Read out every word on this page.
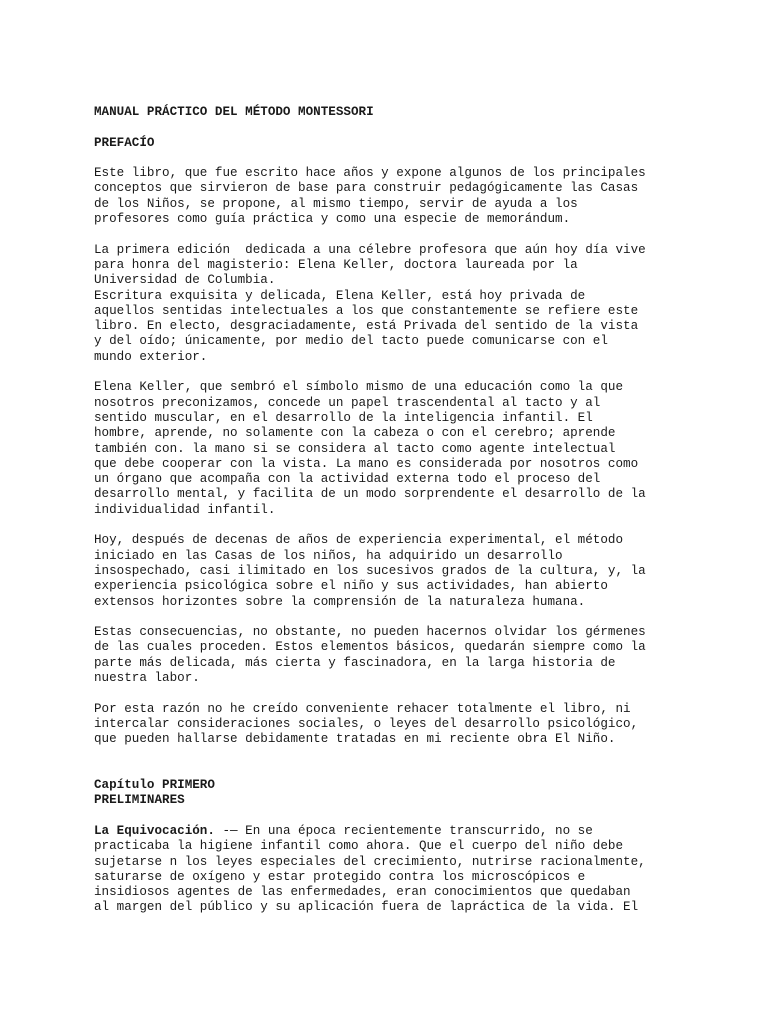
MANUAL PRÁCTICO DEL MÉTODO MONTESSORI
PREFACÍO
Este libro, que fue escrito hace años y expone algunos de los principales
conceptos que sirvieron de base para construir pedagógicamente las Casas
de los Niños, se propone, al mismo tiempo, servir de ayuda a los
profesores como guía práctica y como una especie de memorándum.
La primera edición  dedicada a una célebre profesora que aún hoy día vive
para honra del magisterio: Elena Keller, doctora laureada por la
Universidad de Columbia.
Escritura exquisita y delicada, Elena Keller, está hoy privada de
aquellos sentidas intelectuales a los que constantemente se refiere este
libro. En electo, desgraciadamente, está Privada del sentido de la vista
y del oído; únicamente, por medio del tacto puede comunicarse con el
mundo exterior.
Elena Keller, que sembró el símbolo mismo de una educación como la que
nosotros preconizamos, concede un papel trascendental al tacto y al
sentido muscular, en el desarrollo de la inteligencia infantil. El
hombre, aprende, no solamente con la cabeza o con el cerebro; aprende
también con. la mano si se considera al tacto como agente intelectual
que debe cooperar con la vista. La mano es considerada por nosotros como
un órgano que acompaña con la actividad externa todo el proceso del
desarrollo mental, y facilita de un modo sorprendente el desarrollo de la
individualidad infantil.
Hoy, después de decenas de años de experiencia experimental, el método
iniciado en las Casas de los niños, ha adquirido un desarrollo
insospechado, casi ilimitado en los sucesivos grados de la cultura, y, la
experiencia psicológica sobre el niño y sus actividades, han abierto
extensos horizontes sobre la comprensión de la naturaleza humana.
Estas consecuencias, no obstante, no pueden hacernos olvidar los gérmenes
de las cuales proceden. Estos elementos básicos, quedarán siempre como la
parte más delicada, más cierta y fascinadora, en la larga historia de
nuestra labor.
Por esta razón no he creído conveniente rehacer totalmente el libro, ni
intercalar consideraciones sociales, o leyes del desarrollo psicológico,
que pueden hallarse debidamente tratadas en mi reciente obra El Niño.
Capítulo PRIMERO
PRELIMINARES
La Equivocación. -— En una época recientemente transcurrido, no se
practicaba la higiene infantil como ahora. Que el cuerpo del niño debe
sujetarse n los leyes especiales del crecimiento, nutrirse racionalmente,
saturarse de oxígeno y estar protegido contra los microscópicos e
insidiosos agentes de las enfermedades, eran conocimientos que quedaban
al margen del público y su aplicación fuera de lapráctica de la vida. El
